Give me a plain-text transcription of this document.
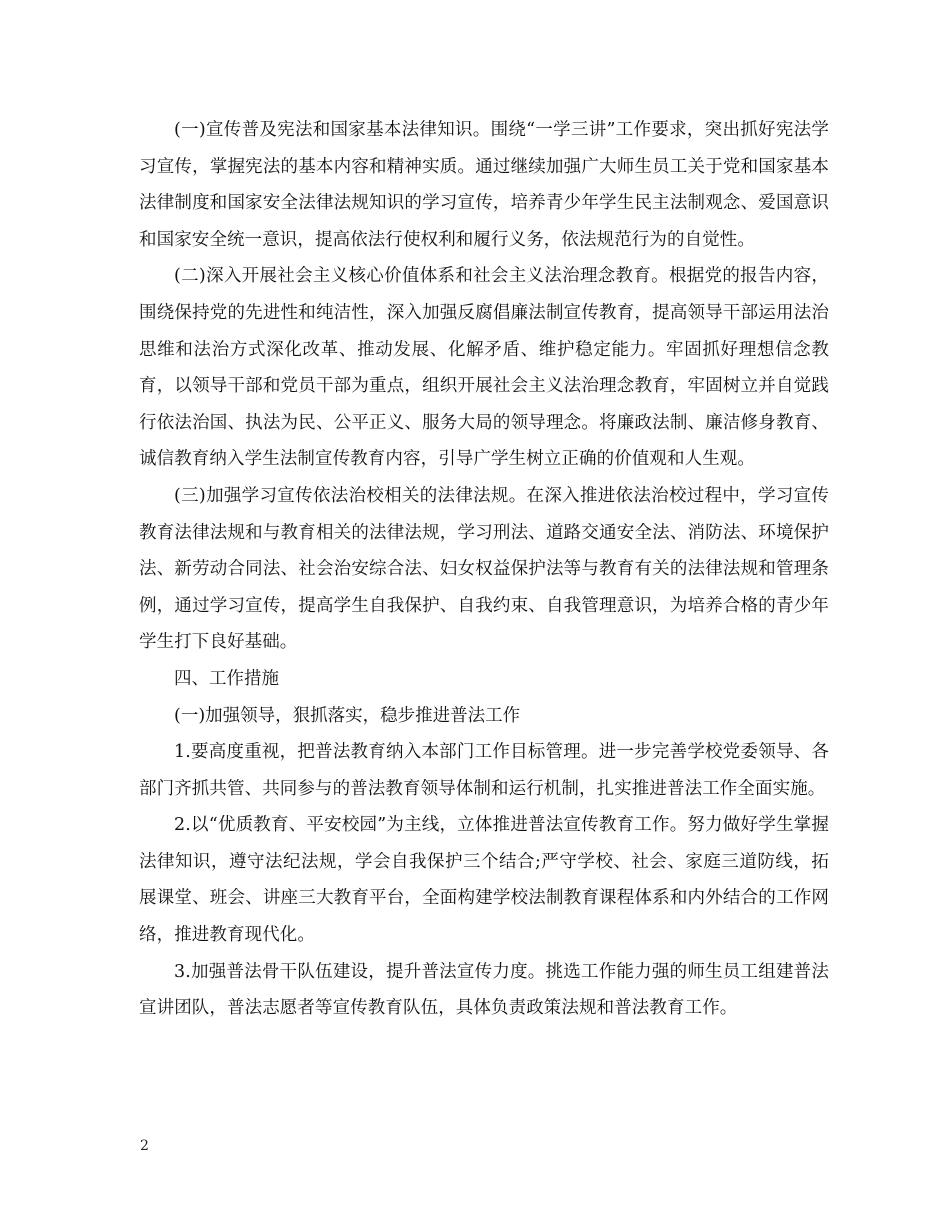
(一)宣传普及宪法和国家基本法律知识。围绕“一学三讲”工作要求，突出抓好宪法学习宣传，掌握宪法的基本内容和精神实质。通过继续加强广大师生员工关于党和国家基本法律制度和国家安全法律法规知识的学习宣传，培养青少年学生民主法制观念、爱国意识和国家安全统一意识，提高依法行使权利和履行义务，依法规范行为的自觉性。

(二)深入开展社会主义核心价值体系和社会主义法治理念教育。根据党的报告内容，围绕保持党的先进性和纯洁性，深入加强反腐倡廉法制宣传教育，提高领导干部运用法治思维和法治方式深化改革、推动发展、化解矛盾、维护稳定能力。牢固抓好理想信念教育，以领导干部和党员干部为重点，组织开展社会主义法治理念教育，牢固树立并自觉践行依法治国、执法为民、公平正义、服务大局的领导理念。将廉政法制、廉洁修身教育、诚信教育纳入学生法制宣传教育内容，引导广学生树立正确的价值观和人生观。

(三)加强学习宣传依法治校相关的法律法规。在深入推进依法治校过程中，学习宣传教育法律法规和与教育相关的法律法规，学习刑法、道路交通安全法、消防法、环境保护法、新劳动合同法、社会治安综合法、妇女权益保护法等与教育有关的法律法规和管理条例，通过学习宣传，提高学生自我保护、自我约束、自我管理意识，为培养合格的青少年学生打下良好基础。

四、工作措施

(一)加强领导，狠抓落实，稳步推进普法工作

1.要高度重视，把普法教育纳入本部门工作目标管理。进一步完善学校党委领导、各部门齐抓共管、共同参与的普法教育领导体制和运行机制，扎实推进普法工作全面实施。

2.以“优质教育、平安校园”为主线，立体推进普法宣传教育工作。努力做好学生掌握法律知识，遵守法纪法规，学会自我保护三个结合;严守学校、社会、家庭三道防线，拓展课堂、班会、讲座三大教育平台，全面构建学校法制教育课程体系和内外结合的工作网络，推进教育现代化。

3.加强普法骨干队伍建设，提升普法宣传力度。挑选工作能力强的师生员工组建普法宣讲团队，普法志愿者等宣传教育队伍，具体负责政策法规和普法教育工作。

2
